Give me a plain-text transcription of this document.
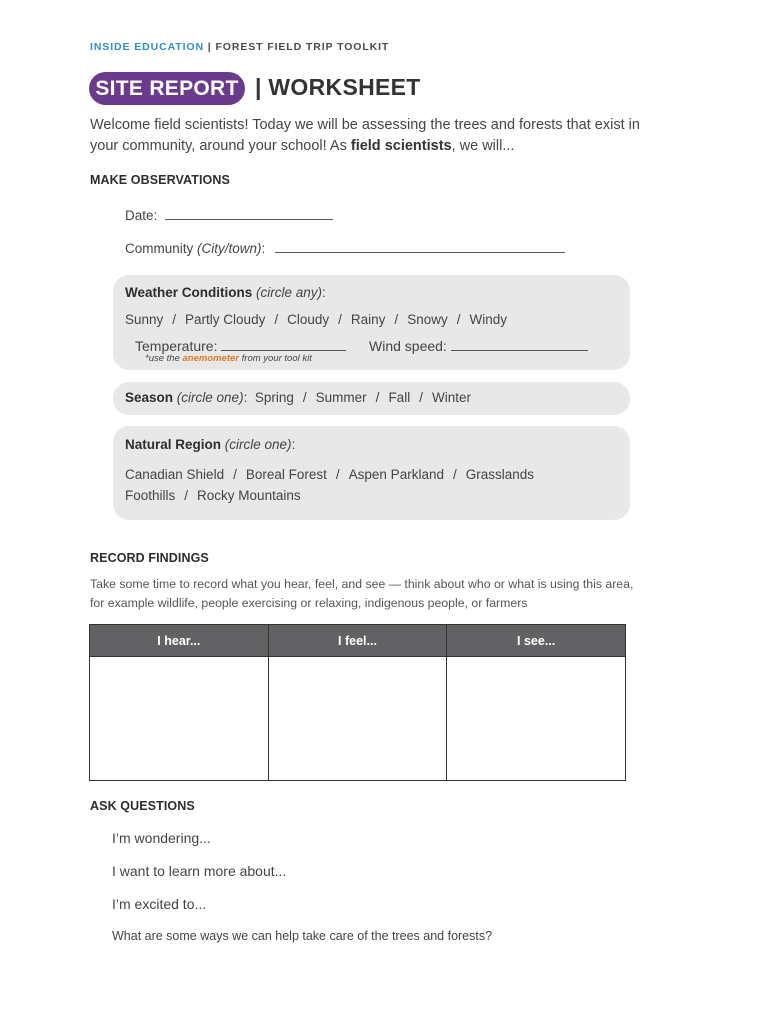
INSIDE EDUCATION | FOREST FIELD TRIP TOOLKIT
SITE REPORT | WORKSHEET
Welcome field scientists! Today we will be assessing the trees and forests that exist in your community, around your school! As field scientists, we will...
MAKE OBSERVATIONS
Date:
Community (City/town):
Weather Conditions (circle any):
Sunny / Partly Cloudy / Cloudy / Rainy / Snowy / Windy
Temperature:	Wind speed:
*use the anemometer from your tool kit
Season (circle one): Spring / Summer / Fall / Winter
Natural Region (circle one):
Canadian Shield / Boreal Forest / Aspen Parkland / Grasslands
Foothills / Rocky Mountains
RECORD FINDINGS
Take some time to record what you hear, feel, and see — think about who or what is using this area, for example wildlife, people exercising or relaxing, indigenous people, or farmers
I hear...	I feel...	I see...

ASK QUESTIONS
I’m wondering...
I want to learn more about...
I’m excited to...
What are some ways we can help take care of the trees and forests?
